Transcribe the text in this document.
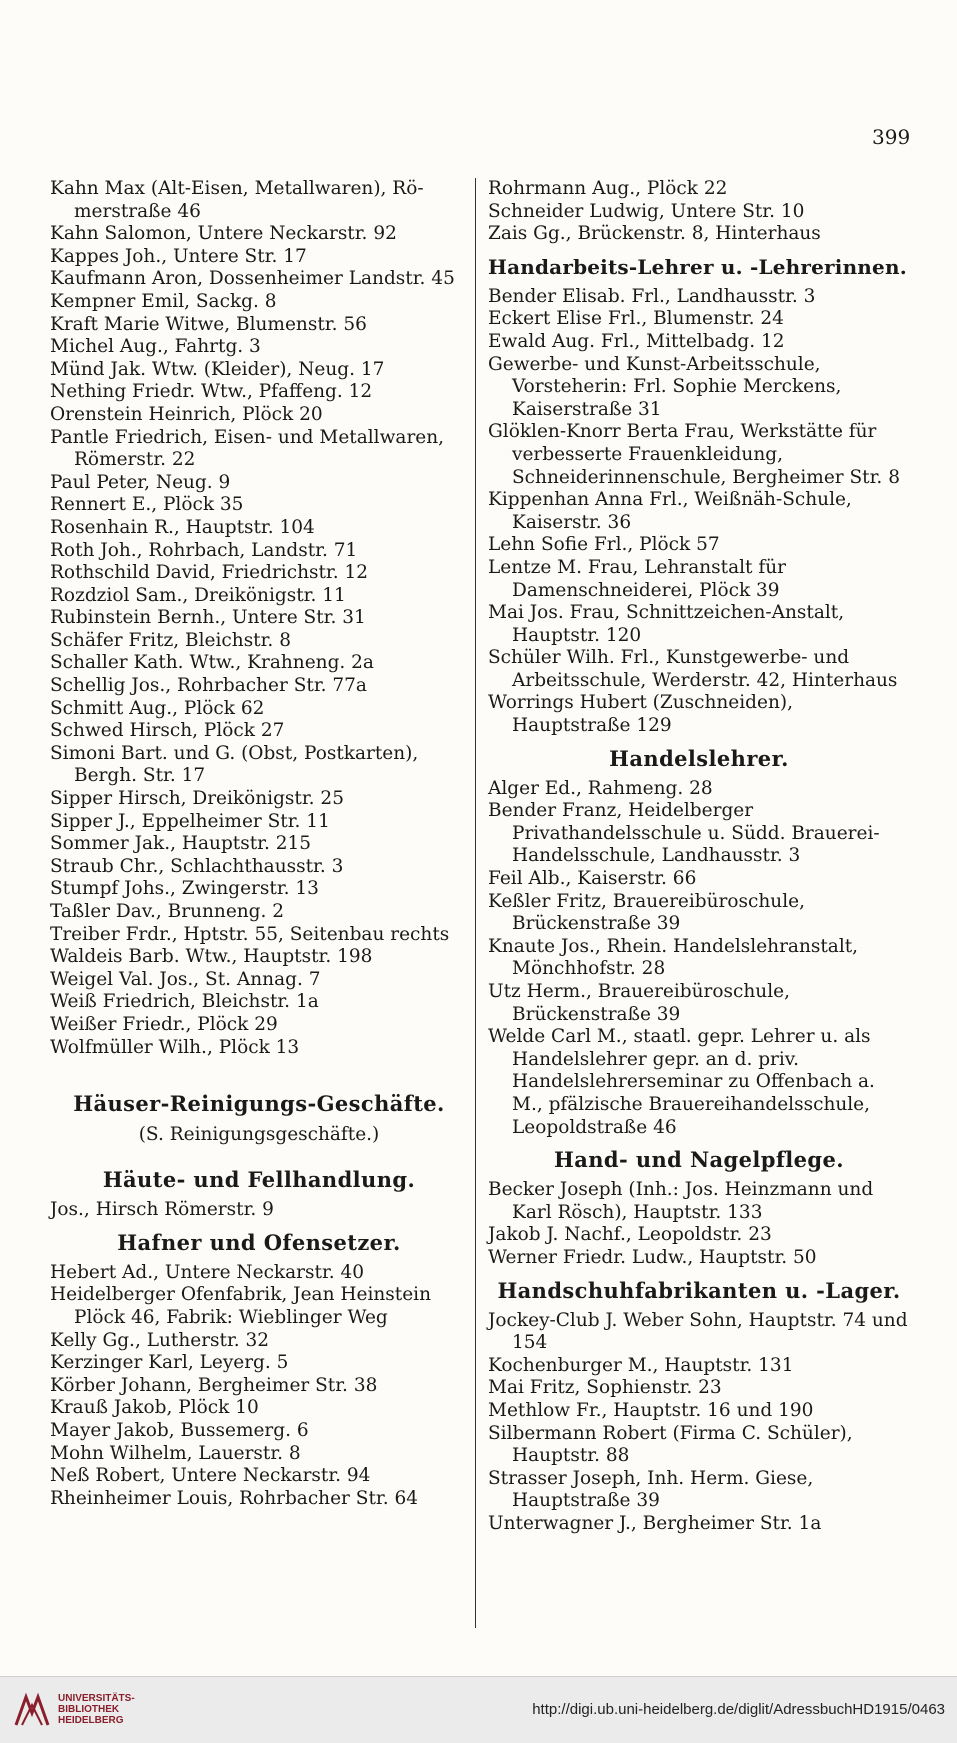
399
Kahn Max (Alt-Eisen, Metallwaren), Rö- merstraße 46
Kahn Salomon, Untere Neckarstr. 92
Kappes Joh., Untere Str. 17
Kaufmann Aron, Dossenheimer Landstr. 45
Kempner Emil, Sackg. 8
Kraft Marie Witwe, Blumenstr. 56
Michel Aug., Fahrtg. 3
Münd Jak. Wtw. (Kleider), Neug. 17
Nething Friedr. Wtw., Pfaffeng. 12
Orenstein Heinrich, Plöck 20
Pantle Friedrich, Eisen- und Metallwaren, Römerstr. 22
Paul Peter, Neug. 9
Rennert E., Plöck 35
Rosenhain R., Hauptstr. 104
Roth Joh., Rohrbach, Landstr. 71
Rothschild David, Friedrichstr. 12
Rozdziol Sam., Dreikönigstr. 11
Rubinstein Bernh., Untere Str. 31
Schäfer Fritz, Bleichstr. 8
Schaller Kath. Wtw., Krahneng. 2a
Schellig Jos., Rohrbacher Str. 77a
Schmitt Aug., Plöck 62
Schwed Hirsch, Plöck 27
Simoni Bart. und G. (Obst, Postkarten), Bergh. Str. 17
Sipper Hirsch, Dreikönigstr. 25
Sipper J., Eppelheimer Str. 11
Sommer Jak., Hauptstr. 215
Straub Chr., Schlachthausstr. 3
Stumpf Johs., Zwingerstr. 13
Taßler Dav., Brunneng. 2
Treiber Frdr., Hptstr. 55, Seitenbau rechts
Waldeis Barb. Wtw., Hauptstr. 198
Weigel Val. Jos., St. Annag. 7
Weiß Friedrich, Bleichstr. 1a
Weißer Friedr., Plöck 29
Wolfmüller Wilh., Plöck 13
Häuser-Reinigungs-Geschäfte.
(S. Reinigungsgeschäfte.)
Häute- und Fellhandlung.
Jos., Hirsch Römerstr. 9
Hafner und Ofensetzer.
Hebert Ad., Untere Neckarstr. 40
Heidelberger Ofenfabrik, Jean Heinstein Plöck 46, Fabrik: Wieblinger Weg
Kelly Gg., Lutherstr. 32
Kerzinger Karl, Leyerg. 5
Körber Johann, Bergheimer Str. 38
Krauß Jakob, Plöck 10
Mayer Jakob, Bussemerg. 6
Mohn Wilhelm, Lauerstr. 8
Neß Robert, Untere Neckarstr. 94
Rheinheimer Louis, Rohrbacher Str. 64
Rohrmann Aug., Plöck 22
Schneider Ludwig, Untere Str. 10
Zais Gg., Brückenstr. 8, Hinterhaus
Handarbeits-Lehrer u. -Lehrerinnen.
Bender Elisab. Frl., Landhausstr. 3
Eckert Elise Frl., Blumenstr. 24
Ewald Aug. Frl., Mittelbadg. 12
Gewerbe- und Kunst-Arbeitsschule, Vorsteherin: Frl. Sophie Merckens, Kaiserstraße 31
Glöklen-Knorr Berta Frau, Werkstätte für verbesserte Frauenkleidung, Schneiderinnenschule, Bergheimer Str. 8
Kippenhan Anna Frl., Weißnäh-Schule, Kaiserstr. 36
Lehn Sofie Frl., Plöck 57
Lentze M. Frau, Lehranstalt für Damenschneiderei, Plöck 39
Mai Jos. Frau, Schnittzeichen-Anstalt, Hauptstr. 120
Schüler Wilh. Frl., Kunstgewerbe- und Arbeitsschule, Werderstr. 42, Hinterhaus
Worrings Hubert (Zuschneiden), Hauptstraße 129
Handelslehrer.
Alger Ed., Rahmeng. 28
Bender Franz, Heidelberger Privathandelsschule u. Südd. Brauerei-Handelsschule, Landhausstr. 3
Feil Alb., Kaiserstr. 66
Keßler Fritz, Brauereibüroschule, Brückenstraße 39
Knaute Jos., Rhein. Handelslehranstalt, Mönchhofstr. 28
Utz Herm., Brauereibüroschule, Brückenstraße 39
Welde Carl M., staatl. gepr. Lehrer u. als Handelslehrer gepr. an d. priv. Handelslehrerseminar zu Offenbach a. M., pfälzische Brauereihandelsschule, Leopoldstraße 46
Hand- und Nagelpflege.
Becker Joseph (Inh.: Jos. Heinzmann und Karl Rösch), Hauptstr. 133
Jakob J. Nachf., Leopoldstr. 23
Werner Friedr. Ludw., Hauptstr. 50
Handschuhfabrikanten u. -Lager.
Jockey-Club J. Weber Sohn, Hauptstr. 74 und 154
Kochenburger M., Hauptstr. 131
Mai Fritz, Sophienstr. 23
Methlow Fr., Hauptstr. 16 und 190
Silbermann Robert (Firma C. Schüler), Hauptstr. 88
Strasser Joseph, Inh. Herm. Giese, Hauptstraße 39
Unterwagner J., Bergheimer Str. 1a
UNIVERSITÄTS-
BIBLIOTHEK
HEIDELBERG
http://digi.ub.uni-heidelberg.de/diglit/AdressbuchHD1915/0463
